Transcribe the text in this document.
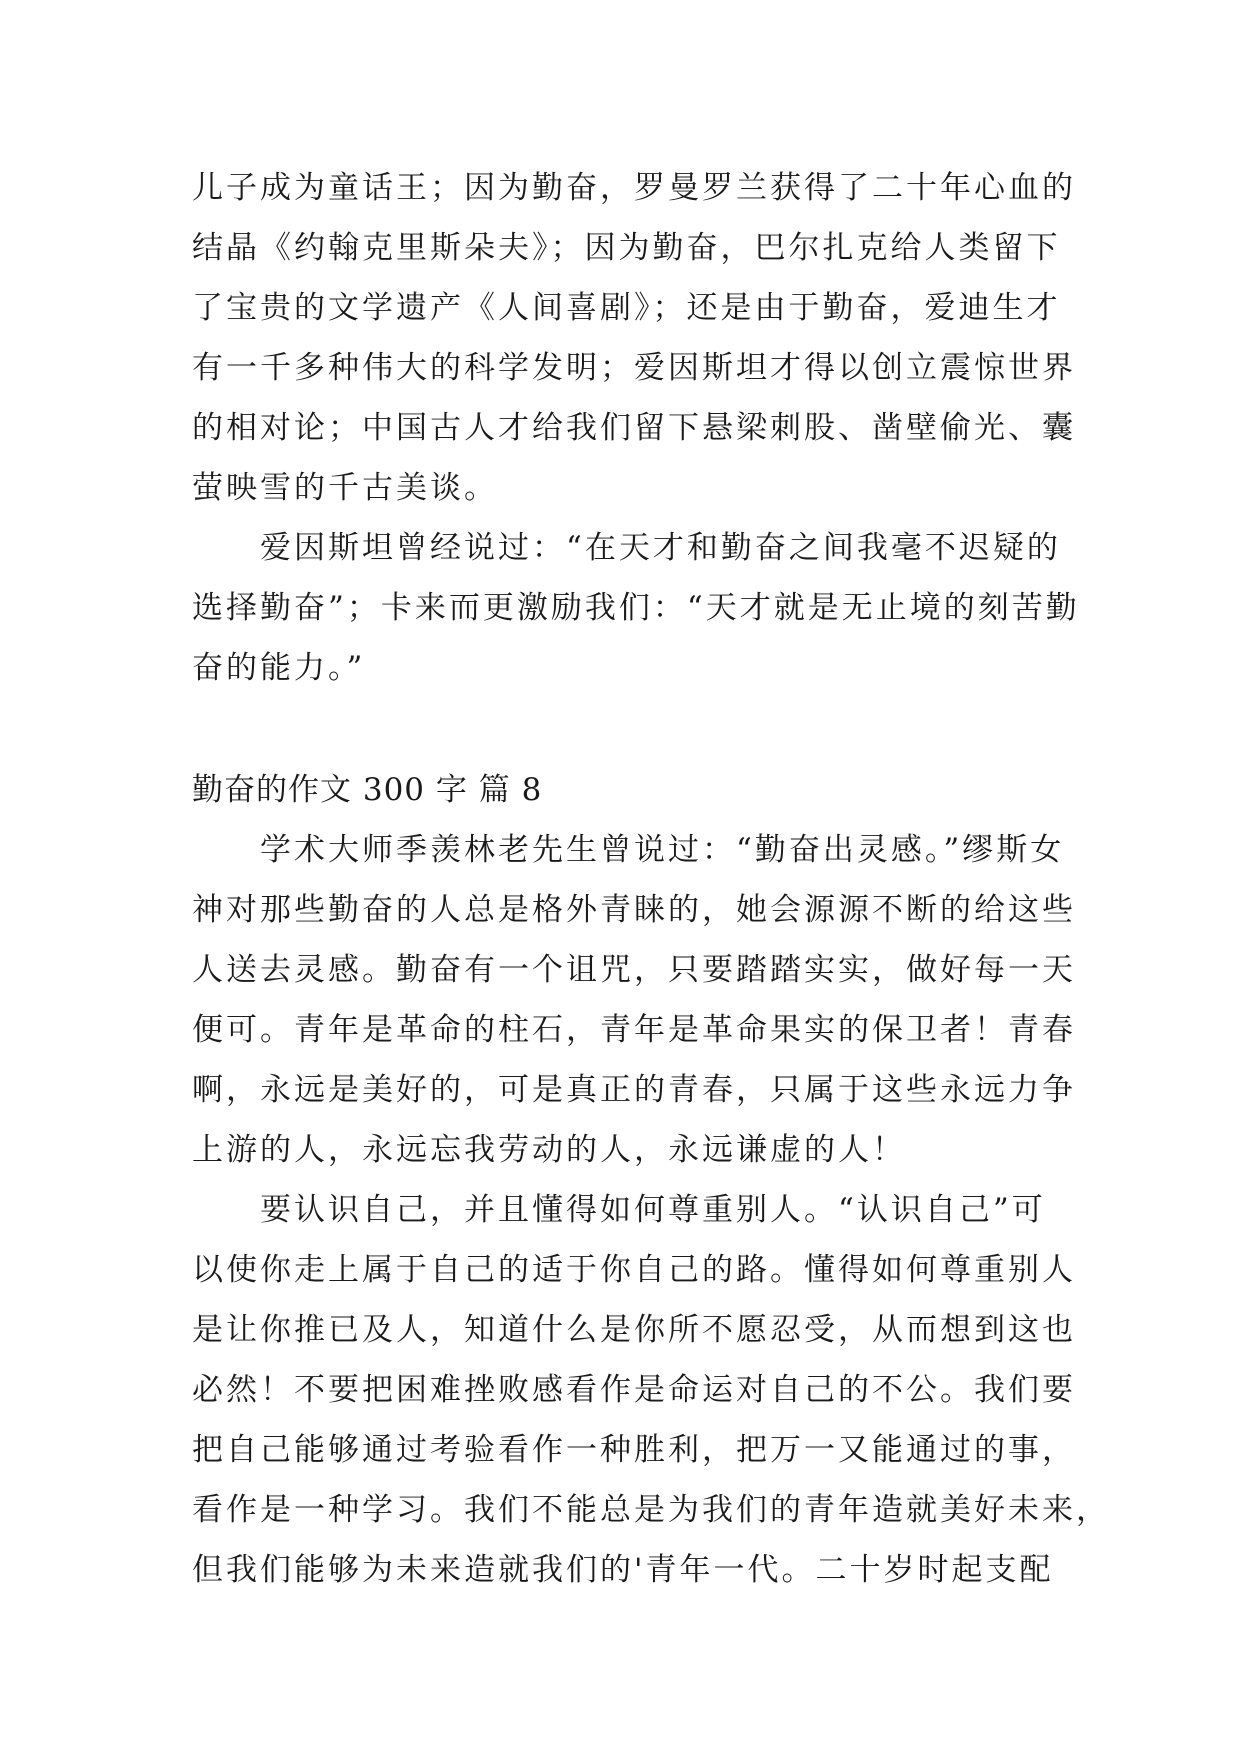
儿子成为童话王；因为勤奋，罗曼罗兰获得了二十年心血的
结晶《约翰克里斯朵夫》；因为勤奋，巴尔扎克给人类留下
了宝贵的文学遗产《人间喜剧》；还是由于勤奋，爱迪生才
有一千多种伟大的科学发明；爱因斯坦才得以创立震惊世界
的相对论；中国古人才给我们留下悬梁刺股、凿壁偷光、囊
萤映雪的千古美谈。
爱因斯坦曾经说过：“在天才和勤奋之间我毫不迟疑的
选择勤奋”；卡来而更激励我们：“天才就是无止境的刻苦勤
奋的能力。”
勤奋的作文 300 字 篇 8
学术大师季羡林老先生曾说过：“勤奋出灵感。”缪斯女
神对那些勤奋的人总是格外青睐的，她会源源不断的给这些
人送去灵感。勤奋有一个诅咒，只要踏踏实实，做好每一天
便可。青年是革命的柱石，青年是革命果实的保卫者！青春
啊，永远是美好的，可是真正的青春，只属于这些永远力争
上游的人，永远忘我劳动的人，永远谦虚的人！
要认识自己，并且懂得如何尊重别人。“认识自己”可
以使你走上属于自己的适于你自己的路。懂得如何尊重别人
是让你推已及人，知道什么是你所不愿忍受，从而想到这也
必然！不要把困难挫败感看作是命运对自己的不公。我们要
把自己能够通过考验看作一种胜利，把万一又能通过的事，
看作是一种学习。我们不能总是为我们的青年造就美好未来，
但我们能够为未来造就我们的'青年一代。二十岁时起支配
